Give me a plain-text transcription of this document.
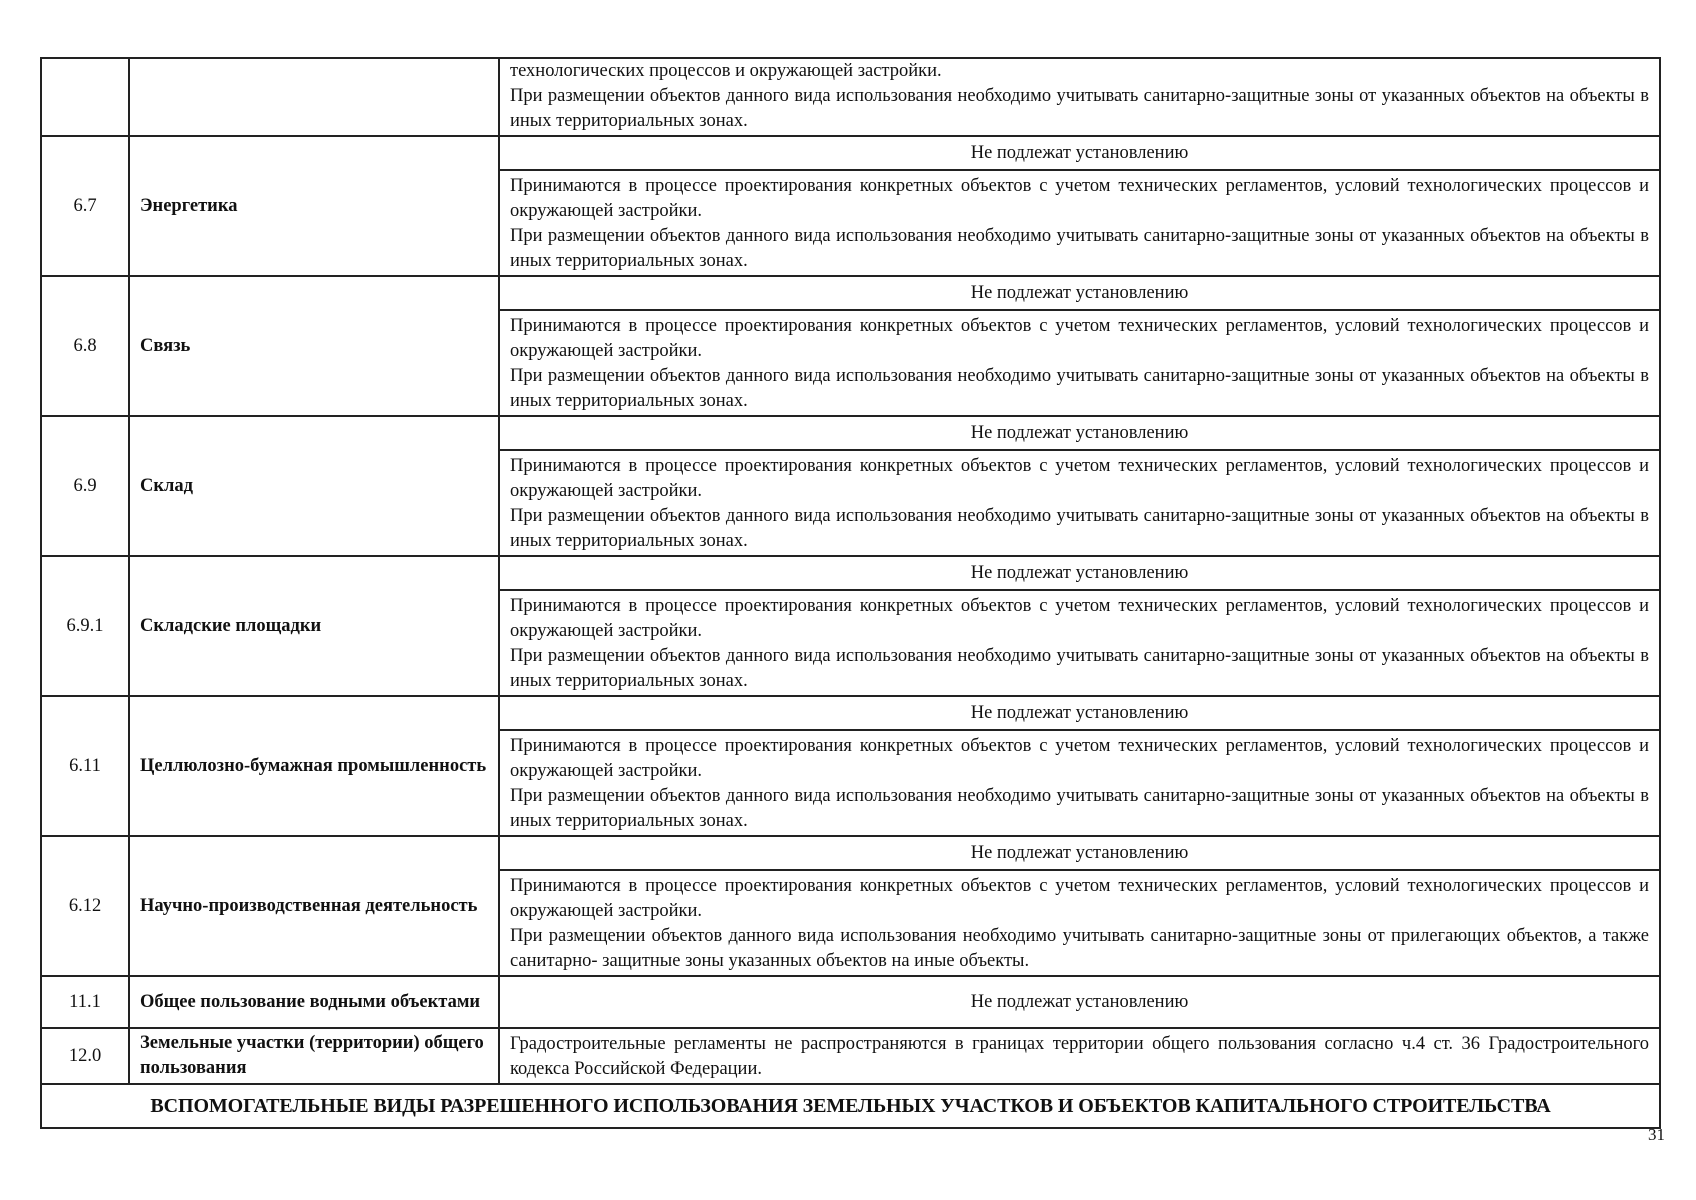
		технологических процессов и окружающей застройки.

При размещении объектов данного вида использования необходимо учитывать санитарно-защитные зоны от указанных объектов на объекты в иных территориальных зонах.

6.7	Энергетика	Не подлежат установлению

		Принимаются в процессе проектирования конкретных объектов с учетом технических регламентов, условий технологических процессов и окружающей застройки.

При размещении объектов данного вида использования необходимо учитывать санитарно-защитные зоны от указанных объектов на объекты в иных территориальных зонах.

6.8	Связь	Не подлежат установлению

		Принимаются в процессе проектирования конкретных объектов с учетом технических регламентов, условий технологических процессов и окружающей застройки.

При размещении объектов данного вида использования необходимо учитывать санитарно-защитные зоны от указанных объектов на объекты в иных территориальных зонах.

6.9	Склад	Не подлежат установлению

		Принимаются в процессе проектирования конкретных объектов с учетом технических регламентов, условий технологических процессов и окружающей застройки.

При размещении объектов данного вида использования необходимо учитывать санитарно-защитные зоны от указанных объектов на объекты в иных территориальных зонах.

6.9.1	Складские площадки	Не подлежат установлению

		Принимаются в процессе проектирования конкретных объектов с учетом технических регламентов, условий технологических процессов и окружающей застройки.

При размещении объектов данного вида использования необходимо учитывать санитарно-защитные зоны от указанных объектов на объекты в иных территориальных зонах.

6.11	Целлюлозно-бумажная промышленность	Не подлежат установлению

		Принимаются в процессе проектирования конкретных объектов с учетом технических регламентов, условий технологических процессов и окружающей застройки.

При размещении объектов данного вида использования необходимо учитывать санитарно-защитные зоны от указанных объектов на объекты в иных территориальных зонах.

6.12	Научно-производственная деятельность	Не подлежат установлению

		Принимаются в процессе проектирования конкретных объектов с учетом технических регламентов, условий технологических процессов и окружающей застройки.

При размещении объектов данного вида использования необходимо учитывать санитарно-защитные зоны от прилегающих объектов, а также санитарно- защитные зоны указанных объектов на иные объекты.

11.1	Общее пользование водными объектами	Не подлежат установлению
12.0	Земельные участки (территории) общего пользования	Градостроительные регламенты не распространяются в границах территории общего пользования согласно ч.4 ст. 36 Градостроительного кодекса Российской Федерации.

ВСПОМОГАТЕЛЬНЫЕ ВИДЫ РАЗРЕШЕННОГО ИСПОЛЬЗОВАНИЯ ЗЕМЕЛЬНЫХ УЧАСТКОВ И ОБЪЕКТОВ КАПИТАЛЬНОГО СТРОИТЕЛЬСТВА		
31
